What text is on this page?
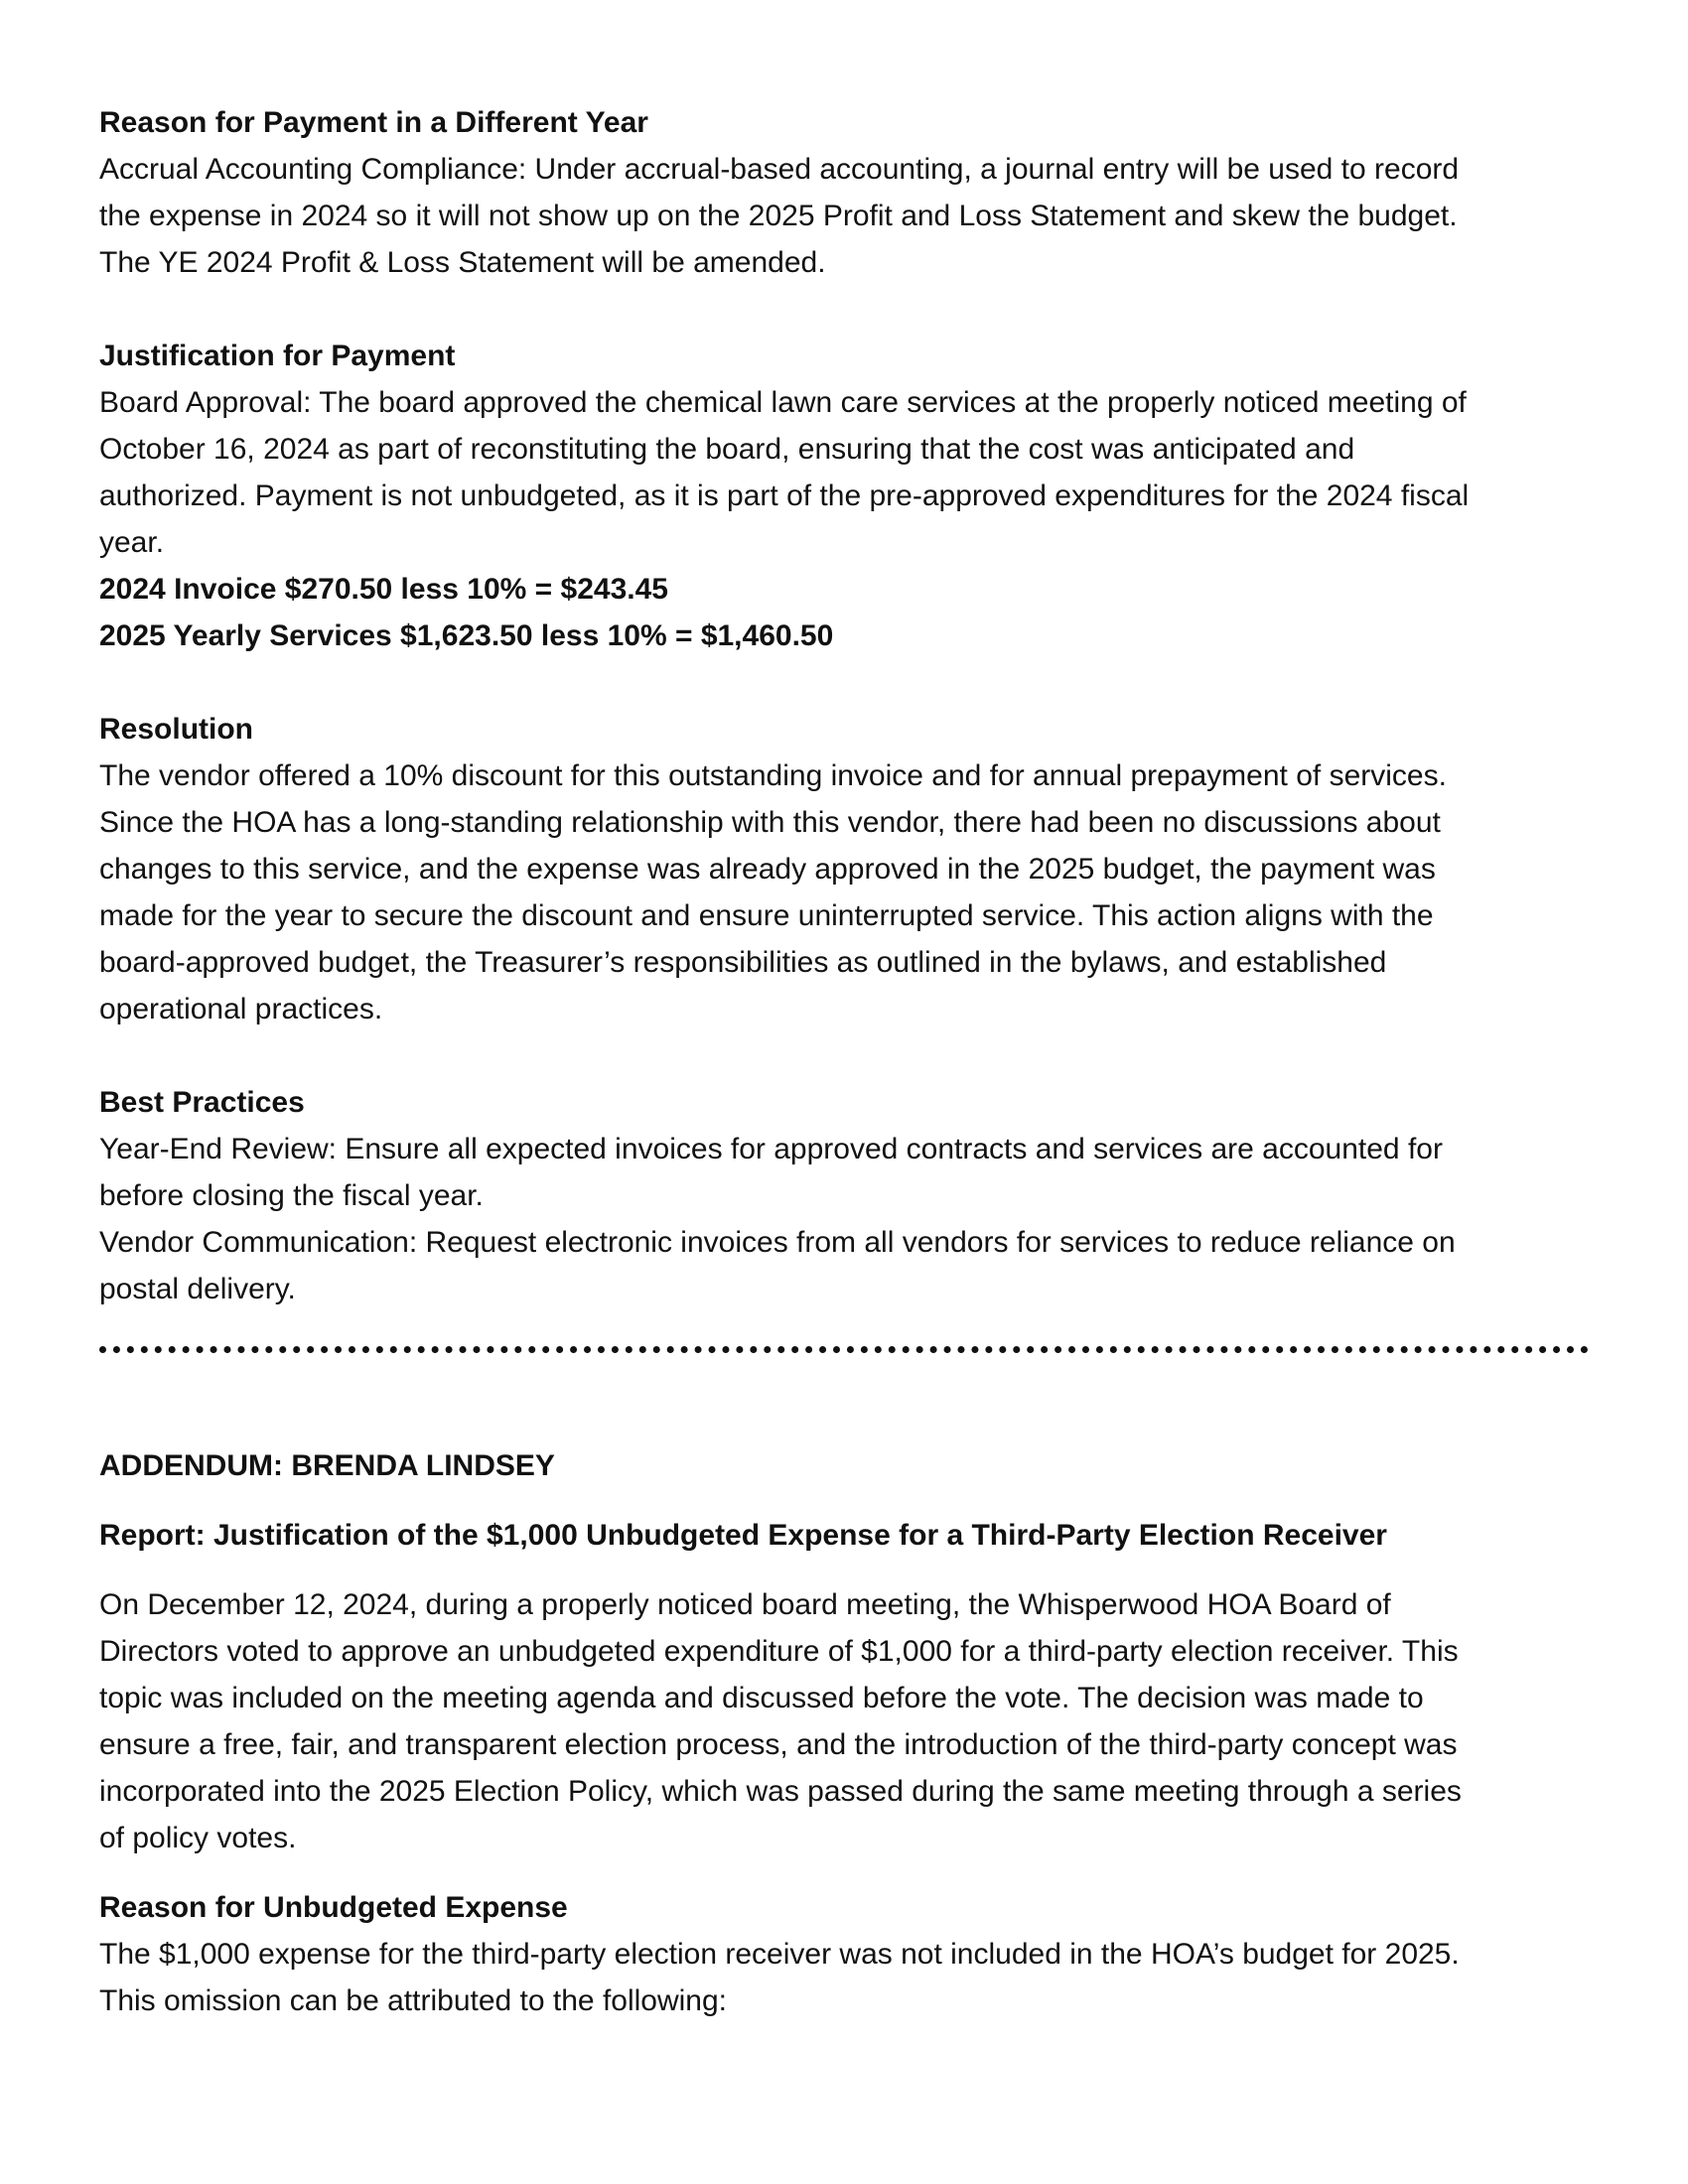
Reason for Payment in a Different Year

Accrual Accounting Compliance: Under accrual-based accounting, a journal entry will be used to record

the expense in 2024 so it will not show up on the 2025 Profit and Loss Statement and skew the budget.

The YE 2024 Profit & Loss Statement will be amended.

Justification for Payment

Board Approval: The board approved the chemical lawn care services at the properly noticed meeting of

October 16, 2024 as part of reconstituting the board, ensuring that the cost was anticipated and

authorized. Payment is not unbudgeted, as it is part of the pre-approved expenditures for the 2024 fiscal

year.

2024 Invoice $270.50 less 10% = $243.45

2025 Yearly Services $1,623.50 less 10% = $1,460.50

Resolution

The vendor offered a 10% discount for this outstanding invoice and for annual prepayment of services.

Since the HOA has a long-standing relationship with this vendor, there had been no discussions about

changes to this service, and the expense was already approved in the 2025 budget, the payment was

made for the year to secure the discount and ensure uninterrupted service. This action aligns with the

board-approved budget, the Treasurer’s responsibilities as outlined in the bylaws, and established

operational practices.

Best Practices

Year-End Review: Ensure all expected invoices for approved contracts and services are accounted for

before closing the fiscal year.

Vendor Communication: Request electronic invoices from all vendors for services to reduce reliance on

postal delivery.

ADDENDUM: BRENDA LINDSEY

Report: Justification of the $1,000 Unbudgeted Expense for a Third-Party Election Receiver

On December 12, 2024, during a properly noticed board meeting, the Whisperwood HOA Board of

Directors voted to approve an unbudgeted expenditure of $1,000 for a third-party election receiver. This

topic was included on the meeting agenda and discussed before the vote. The decision was made to

ensure a free, fair, and transparent election process, and the introduction of the third-party concept was

incorporated into the 2025 Election Policy, which was passed during the same meeting through a series

of policy votes.

Reason for Unbudgeted Expense

The $1,000 expense for the third-party election receiver was not included in the HOA’s budget for 2025.

This omission can be attributed to the following:
